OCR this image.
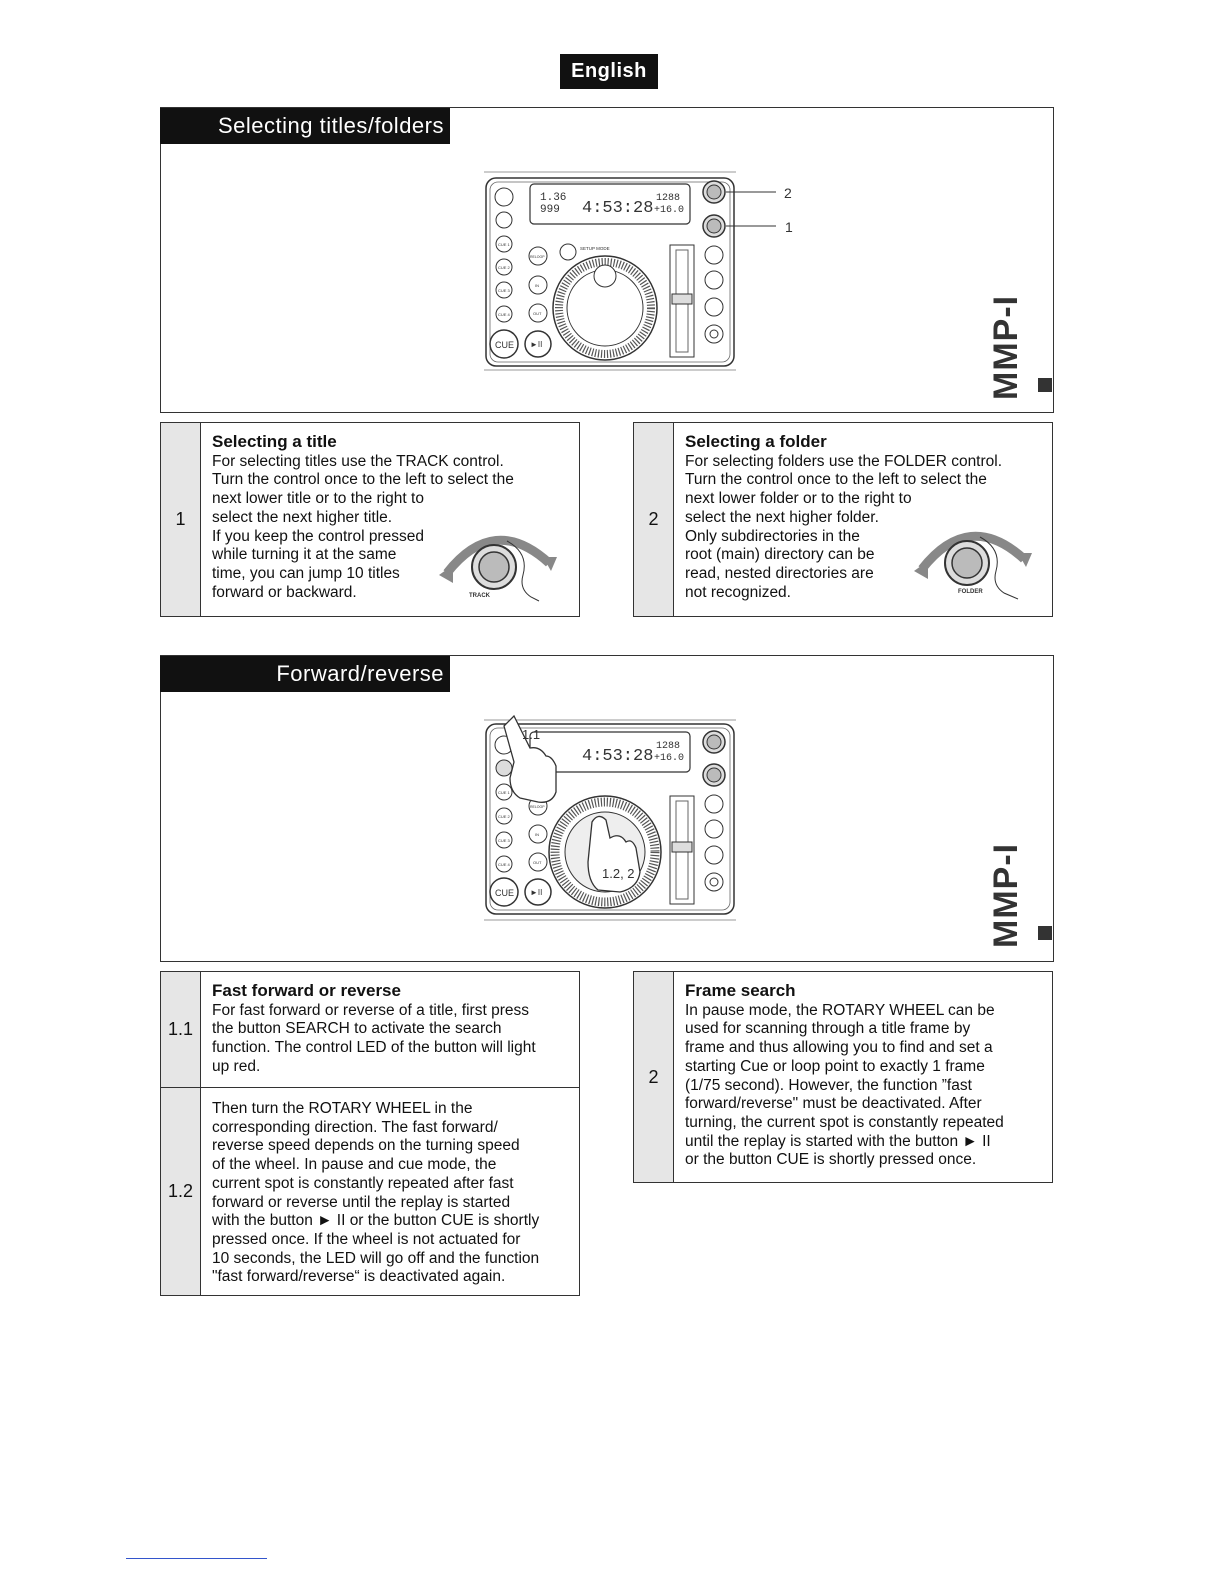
English
Selecting titles/folders
MMP-I
1.36
999 4:53:28
1288
+16.0
2
1
CUE 1
CUE 2
CUE 3
CUE 4
CUE ►II
RELOOP
IN
OUT
SETUP MODE
1
Selecting a title
For selecting titles use the TRACK control.
Turn the control once to the left to select the
next lower title or to the right to
select the next higher title.
If you keep the control pressed
while turning it at the same
time, you can jump 10 titles
forward or backward.	TRACK
2
Selecting a folder
For selecting folders use the FOLDER control.
Turn the control once to the left to select the
next lower folder or to the right to
select the next higher folder.
Only subdirectories in the
root (main) directory can be
read, nested directories are
not recognized.	FOLDER
Forward/reverse
MMP-I
4:53:28
1288
+16.0
CUE 1
CUE 2
CUE 3
CUE 4
CUE ►II
RELOOP
IN
OUT
1.2, 2
1.1
1.1
1.2
Fast forward or reverse
For fast forward or reverse of a title, first press
the button SEARCH to activate the search
function. The control LED of the button will light
up red.
Then turn the ROTARY WHEEL in the
corresponding direction. The fast forward/
reverse speed depends on the turning speed
of the wheel. In pause and cue mode, the
current spot is constantly repeated after fast
forward or reverse until the replay is started
with the button ► II or the button CUE is shortly
pressed once. If the wheel is not actuated for
10 seconds, the LED will go off and the function
"fast forward/reverse“ is deactivated again.
2
Frame search
In pause mode, the ROTARY WHEEL can be
used for scanning through a title frame by
frame and thus allowing you to find and set a
starting Cue or loop point to exactly 1 frame
(1/75 second). However, the function ”fast
forward/reverse" must be deactivated. After
turning, the current spot is constantly repeated
until the replay is started with the button ► II
or the button CUE is shortly pressed once.
